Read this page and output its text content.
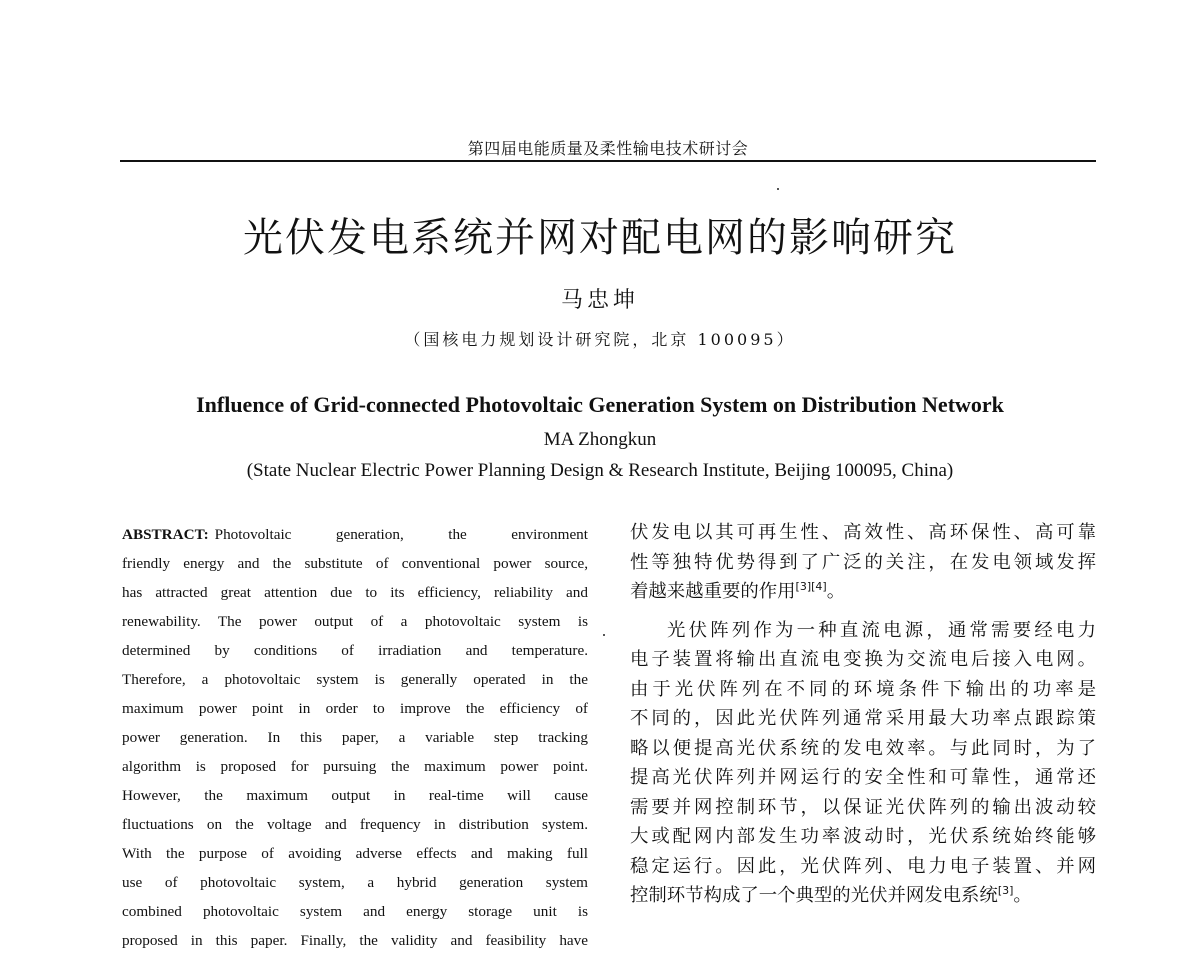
第四届电能质量及柔性输电技术研讨会
光伏发电系统并网对配电网的影响研究
马忠坤
（国核电力规划设计研究院，北京 100095）
Influence of Grid-connected Photovoltaic Generation System on Distribution Network
MA Zhongkun
(State Nuclear Electric Power Planning Design & Research Institute, Beijing 100095, China)
ABSTRACT: Photovoltaic generation, the environment
friendly energy and the substitute of conventional power source,
has attracted great attention due to its efficiency, reliability and
renewability. The power output of a photovoltaic system is
determined by conditions of irradiation and temperature.
Therefore, a photovoltaic system is generally operated in the
maximum power point in order to improve the efficiency of
power generation. In this paper, a variable step tracking
algorithm is proposed for pursuing the maximum power point.
However, the maximum output in real-time will cause
fluctuations on the voltage and frequency in distribution system.
With the purpose of avoiding adverse effects and making full
use of photovoltaic system, a hybrid generation system
combined photovoltaic system and energy storage unit is
proposed in this paper. Finally, the validity and feasibility have
伏发电以其可再生性、高效性、高环保性、高可靠
性等独特优势得到了广泛的关注，在发电领域发挥
着越来越重要的作用[3][4]。
光伏阵列作为一种直流电源，通常需要经电力
电子装置将输出直流电变换为交流电后接入电网。
由于光伏阵列在不同的环境条件下输出的功率是
不同的，因此光伏阵列通常采用最大功率点跟踪策
略以便提高光伏系统的发电效率。与此同时，为了
提高光伏阵列并网运行的安全性和可靠性，通常还
需要并网控制环节，以保证光伏阵列的输出波动较
大或配网内部发生功率波动时，光伏系统始终能够
稳定运行。因此，光伏阵列、电力电子装置、并网
控制环节构成了一个典型的光伏并网发电系统[3]。
